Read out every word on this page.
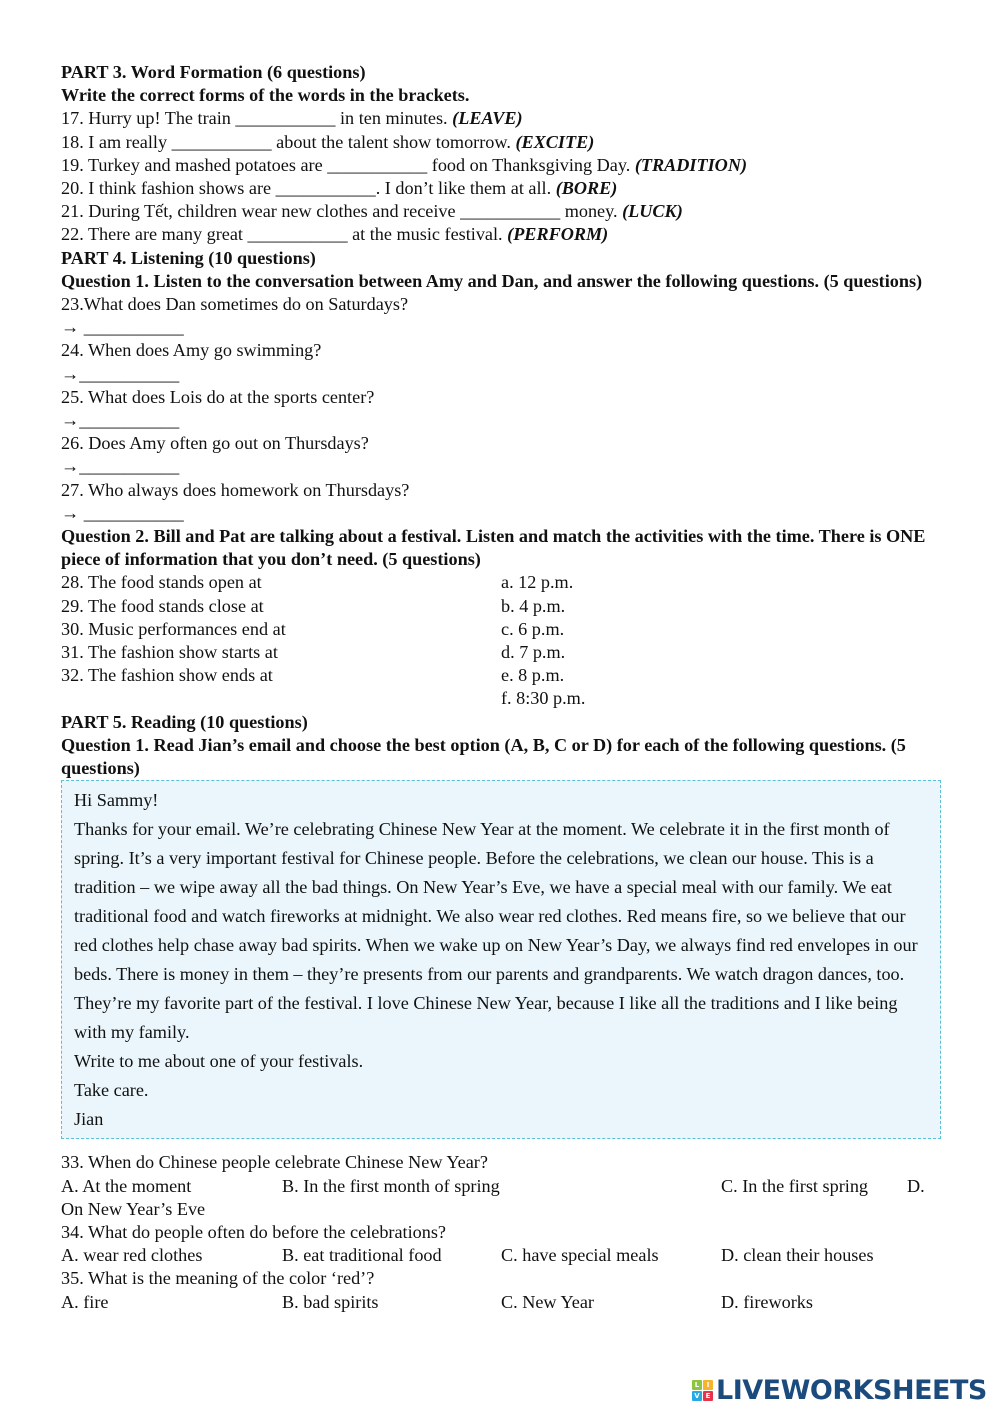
PART 3. Word Formation (6 questions)
Write the correct forms of the words in the brackets.
17. Hurry up! The train ___________ in ten minutes. (LEAVE)
18. I am really ___________ about the talent show tomorrow. (EXCITE)
19. Turkey and mashed potatoes are ___________ food on Thanksgiving Day. (TRADITION)
20. I think fashion shows are ___________. I don’t like them at all. (BORE)
21. During Tết, children wear new clothes and receive ___________ money. (LUCK)
22. There are many great ___________ at the music festival. (PERFORM)
PART 4. Listening (10 questions)
Question 1. Listen to the conversation between Amy and Dan, and answer the following questions. (5 questions)
23.What does Dan sometimes do on Saturdays?
→ ___________
24. When does Amy go swimming?
→___________
25. What does Lois do at the sports center?
→___________
26. Does Amy often go out on Thursdays?
→___________
27. Who always does homework on Thursdays?
→ ___________
Question 2. Bill and Pat are talking about a festival. Listen and match the activities with the time. There is ONE piece of information that you don’t need. (5 questions)
28. The food stands open at	a. 12 p.m.
29. The food stands close at	b. 4 p.m.
30. Music performances end at	c. 6 p.m.
31. The fashion show starts at	d. 7 p.m.
32. The fashion show ends at	e. 8 p.m.
f. 8:30 p.m.
PART 5. Reading (10 questions)
Question 1. Read Jian’s email and choose the best option (A, B, C or D) for each of the following questions. (5 questions)
Hi Sammy!
Thanks for your email. We’re celebrating Chinese New Year at the moment. We celebrate it in the first month of spring. It’s a very important festival for Chinese people. Before the celebrations, we clean our house. This is a tradition – we wipe away all the bad things. On New Year’s Eve, we have a special meal with our family. We eat traditional food and watch fireworks at midnight. We also wear red clothes. Red means fire, so we believe that our red clothes help chase away bad spirits. When we wake up on New Year’s Day, we always find red envelopes in our beds. There is money in them – they’re presents from our parents and grandparents. We watch dragon dances, too. They’re my favorite part of the festival. I love Chinese New Year, because I like all the traditions and I like being with my family.
Write to me about one of your festivals.
Take care.
Jian
33. When do Chinese people celebrate Chinese New Year?
A. At the moment	B. In the first month of spring	C. In the first spring	D.
On New Year’s Eve
34. What do people often do before the celebrations?
A. wear red clothes	B. eat traditional food	C. have special meals	D. clean their houses
35. What is the meaning of the color ‘red’?
A. fire	B. bad spirits	C. New Year	D. fireworks
L	I
V E LIVEWORKSHEETS
